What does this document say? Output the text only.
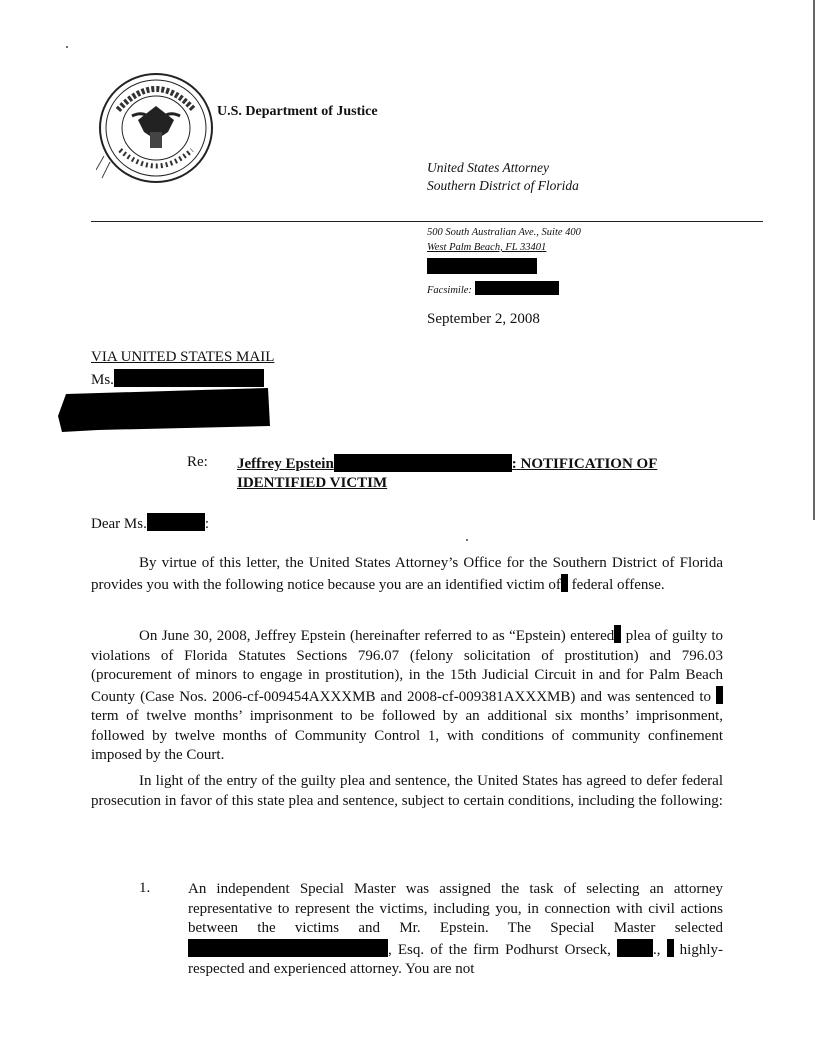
U.S. Department of Justice
United States Attorney
Southern District of Florida
500 South Australian Ave., Suite 400
West Palm Beach, FL 33401
Facsimile:
September 2, 2008
VIA UNITED STATES MAIL
Ms.
Re: Jeffrey Epstein	: NOTIFICATION OF
IDENTIFIED VICTIM
Dear Ms.	:
By virtue of this letter, the United States Attorney’s Office for the Southern District of Florida provides you with the following notice because you are an identified victim of federal offense.
On June 30, 2008, Jeffrey Epstein (hereinafter referred to as “Epstein) entered plea of guilty to violations of Florida Statutes Sections 796.07 (felony solicitation of prostitution) and 796.03 (procurement of minors to engage in prostitution), in the 15th Judicial Circuit in and for Palm Beach County (Case Nos. 2006-cf-009454AXXXMB and 2008-cf-009381AXXXMB) and was sentenced to  term of twelve months’ imprisonment to be followed by an additional six months’ imprisonment, followed by twelve months of Community Control 1, with conditions of community confinement imposed by the Court.
In light of the entry of the guilty plea and sentence, the United States has agreed to defer federal prosecution in favor of this state plea and sentence, subject to certain conditions, including the following:
1.	An independent Special Master was assigned the task of selecting an attorney representative to represent the victims, including you, in connection with civil actions between the victims and Mr. Epstein. The Special Master selected , Esq. of the firm Podhurst Orseck,	.,  highly-respected and experienced attorney. You are not
